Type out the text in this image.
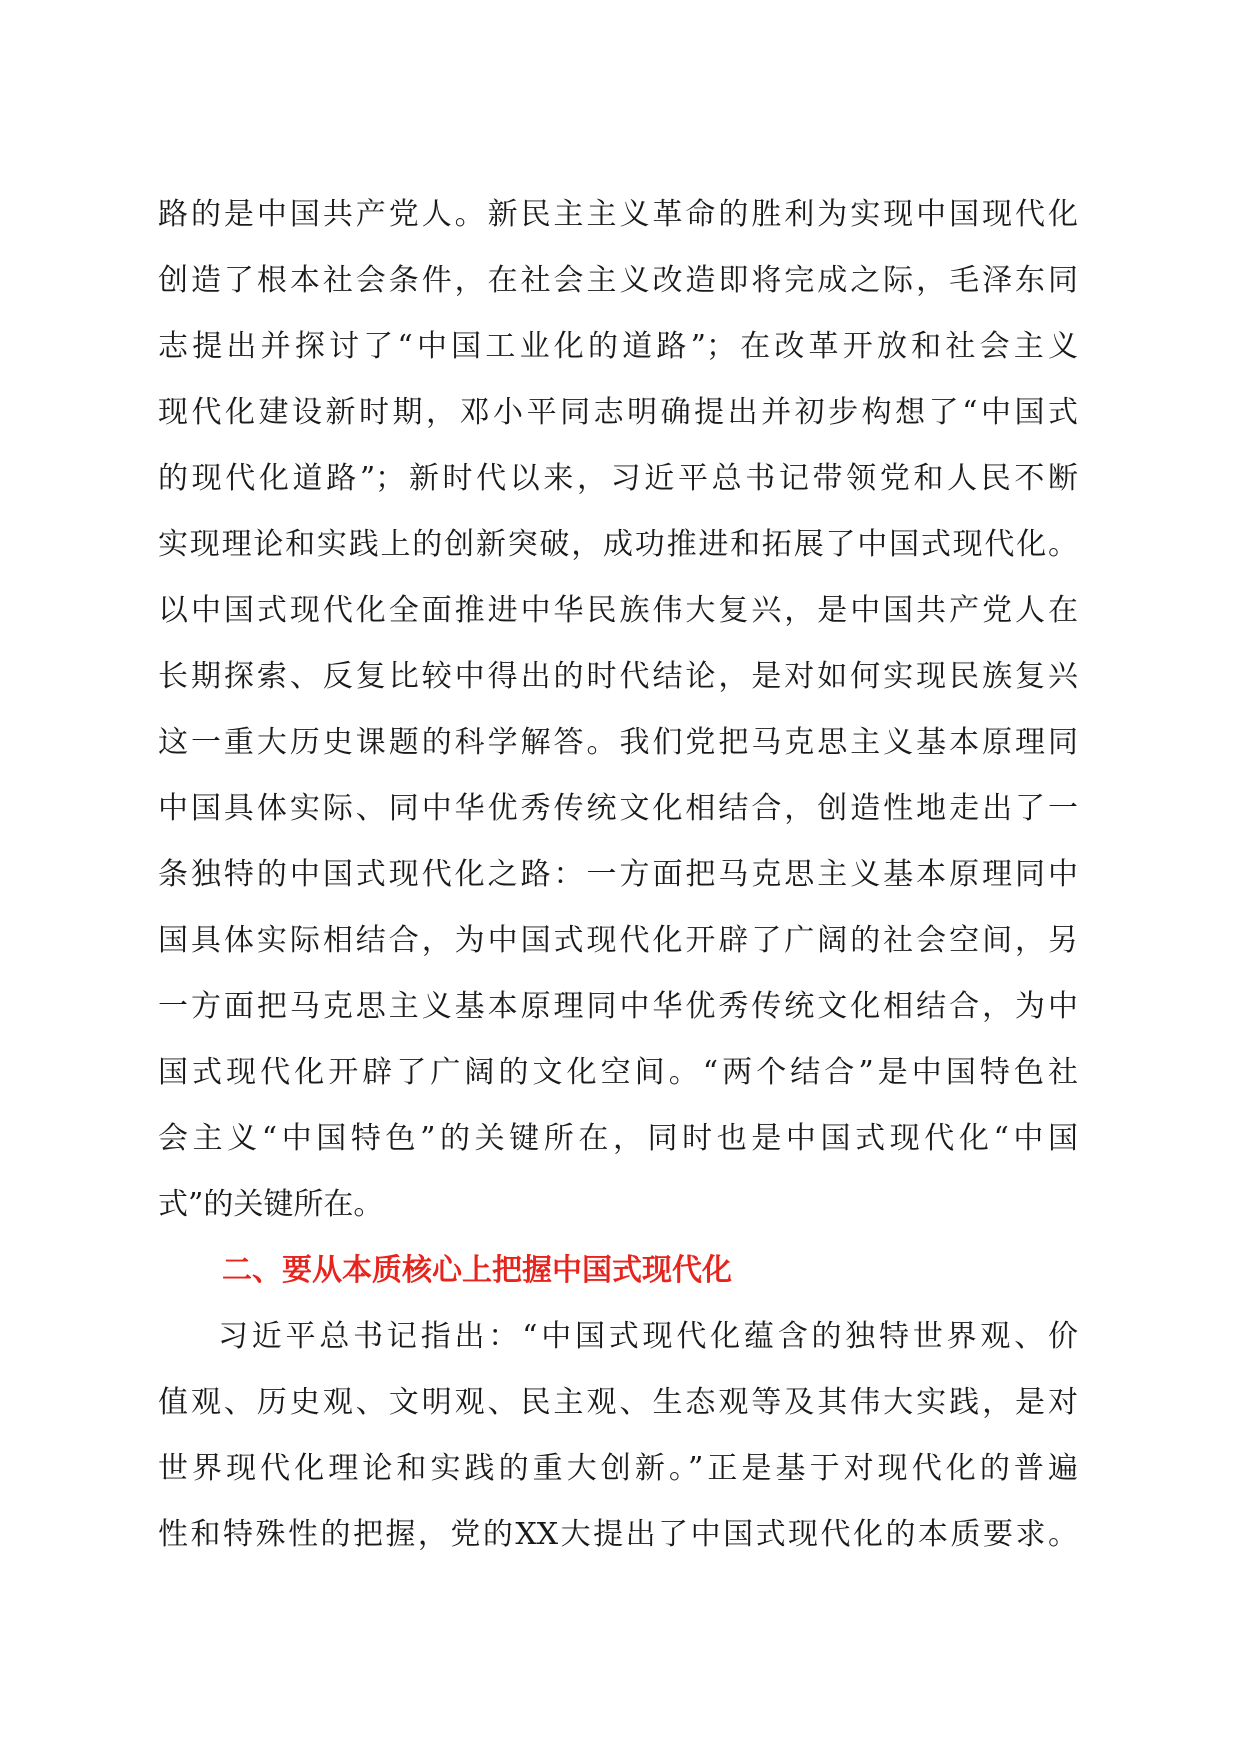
路的是中国共产党人。新民主主义革命的胜利为实现中国现代化
创造了根本社会条件，在社会主义改造即将完成之际，毛泽东同
志提出并探讨了“中国工业化的道路”；在改革开放和社会主义
现代化建设新时期，邓小平同志明确提出并初步构想了“中国式
的现代化道路”；新时代以来，习近平总书记带领党和人民不断
实现理论和实践上的创新突破，成功推进和拓展了中国式现代化。
以中国式现代化全面推进中华民族伟大复兴，是中国共产党人在
长期探索、反复比较中得出的时代结论，是对如何实现民族复兴
这一重大历史课题的科学解答。我们党把马克思主义基本原理同
中国具体实际、同中华优秀传统文化相结合，创造性地走出了一
条独特的中国式现代化之路：一方面把马克思主义基本原理同中
国具体实际相结合，为中国式现代化开辟了广阔的社会空间，另
一方面把马克思主义基本原理同中华优秀传统文化相结合，为中
国式现代化开辟了广阔的文化空间。“两个结合”是中国特色社
会主义“中国特色”的关键所在，同时也是中国式现代化“中国
式”的关键所在。
二、要从本质核心上把握中国式现代化
习近平总书记指出：“中国式现代化蕴含的独特世界观、价
值观、历史观、文明观、民主观、生态观等及其伟大实践，是对
世界现代化理论和实践的重大创新。”正是基于对现代化的普遍
性和特殊性的把握，党的XX大提出了中国式现代化的本质要求。
